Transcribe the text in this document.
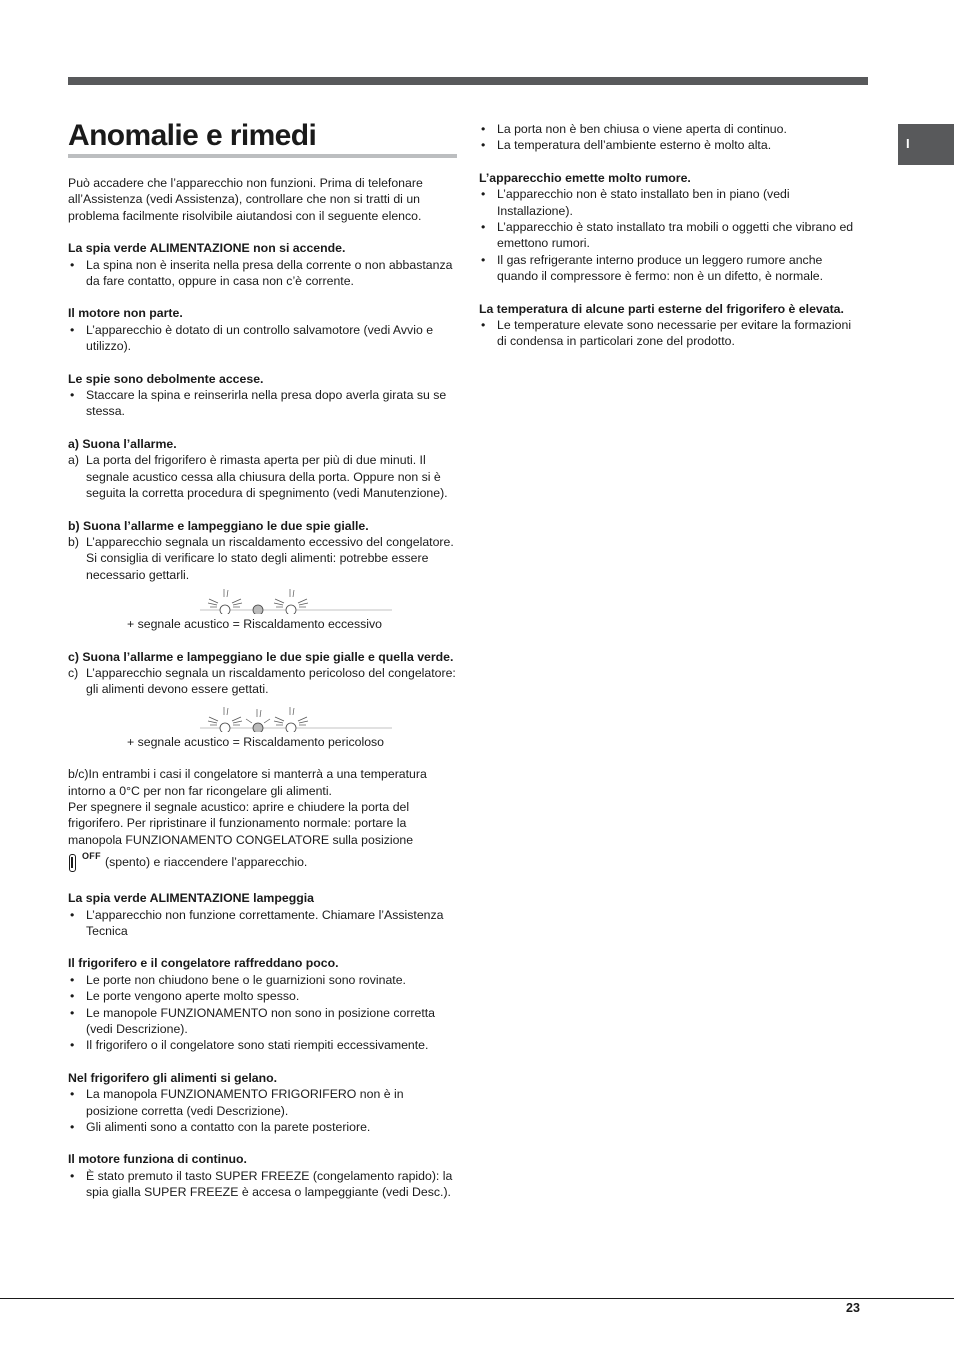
I
Anomalie e rimedi

Può accadere che l’apparecchio non funzioni. Prima di telefonare all’Assistenza (vedi Assistenza), controllare che non si tratti di un problema facilmente risolvibile aiutandosi con il seguente elenco.

La spia verde ALIMENTAZIONE non si accende.

• La spina non è inserita nella presa della corrente o non abbastanza da fare contatto, oppure in casa non c’è corrente.

Il motore non parte.

• L’apparecchio è dotato di un controllo salvamotore (vedi Avvio e utilizzo).

Le spie sono debolmente accese.

• Staccare la spina e reinserirla nella presa dopo averla girata su se stessa.

a) Suona l’allarme.

a) La porta del frigorifero è rimasta aperta per più di due minuti. Il segnale acustico cessa alla chiusura della porta. Oppure non si è seguita la corretta procedura di spegnimento (vedi Manutenzione).

b) Suona l’allarme e lampeggiano le due spie gialle.

b) L’apparecchio segnala un riscaldamento eccessivo del congelatore. Si consiglia di verificare lo stato degli alimenti: potrebbe essere necessario gettarli.

+ segnale acustico = Riscaldamento eccessivo

c) Suona l’allarme e lampeggiano le due spie gialle e quella verde.

c) L’apparecchio segnala un riscaldamento pericoloso del congelatore: gli alimenti devono essere gettati.

+ segnale acustico = Riscaldamento pericoloso

b/c)In entrambi i casi il congelatore si manterrà a una temperatura intorno a 0°C per non far ricongelare gli alimenti.

Per spegnere il segnale acustico: aprire e chiudere la porta del frigorifero. Per ripristinare il funzionamento normale: portare la manopola FUNZIONAMENTO CONGELATORE sulla posizione

OFF (spento) e riaccendere l’apparecchio.

La spia verde ALIMENTAZIONE lampeggia

• L’apparecchio non funzione correttamente. Chiamare l’Assistenza Tecnica

Il frigorifero e il congelatore raffreddano poco.

• Le porte non chiudono bene o le guarnizioni sono rovinate.
• Le porte vengono aperte molto spesso.
• Le manopole FUNZIONAMENTO non sono in posizione corretta (vedi Descrizione).
• Il frigorifero o il congelatore sono stati riempiti eccessivamente.

Nel frigorifero gli alimenti si gelano.

• La manopola FUNZIONAMENTO FRIGORIFERO non è in posizione corretta (vedi Descrizione).
• Gli alimenti sono a contatto con la parete posteriore.

Il motore funziona di continuo.

• È stato premuto il tasto SUPER FREEZE (congelamento rapido): la spia gialla SUPER FREEZE è accesa o lampeggiante (vedi Desc.).
• La porta non è ben chiusa o viene aperta di continuo.
• La temperatura dell’ambiente esterno è molto alta.

L’apparecchio emette molto rumore.

• L’apparecchio non è stato installato ben in piano (vedi Installazione).
• L’apparecchio è stato installato tra mobili o oggetti che vibrano ed emettono rumori.
• Il gas refrigerante interno produce un leggero rumore anche quando il compressore è fermo: non è un difetto, è normale.

La temperatura di alcune parti esterne del frigorifero è elevata.

• Le temperature elevate sono necessarie per evitare la formazioni di condensa in particolari zone del prodotto.
23
